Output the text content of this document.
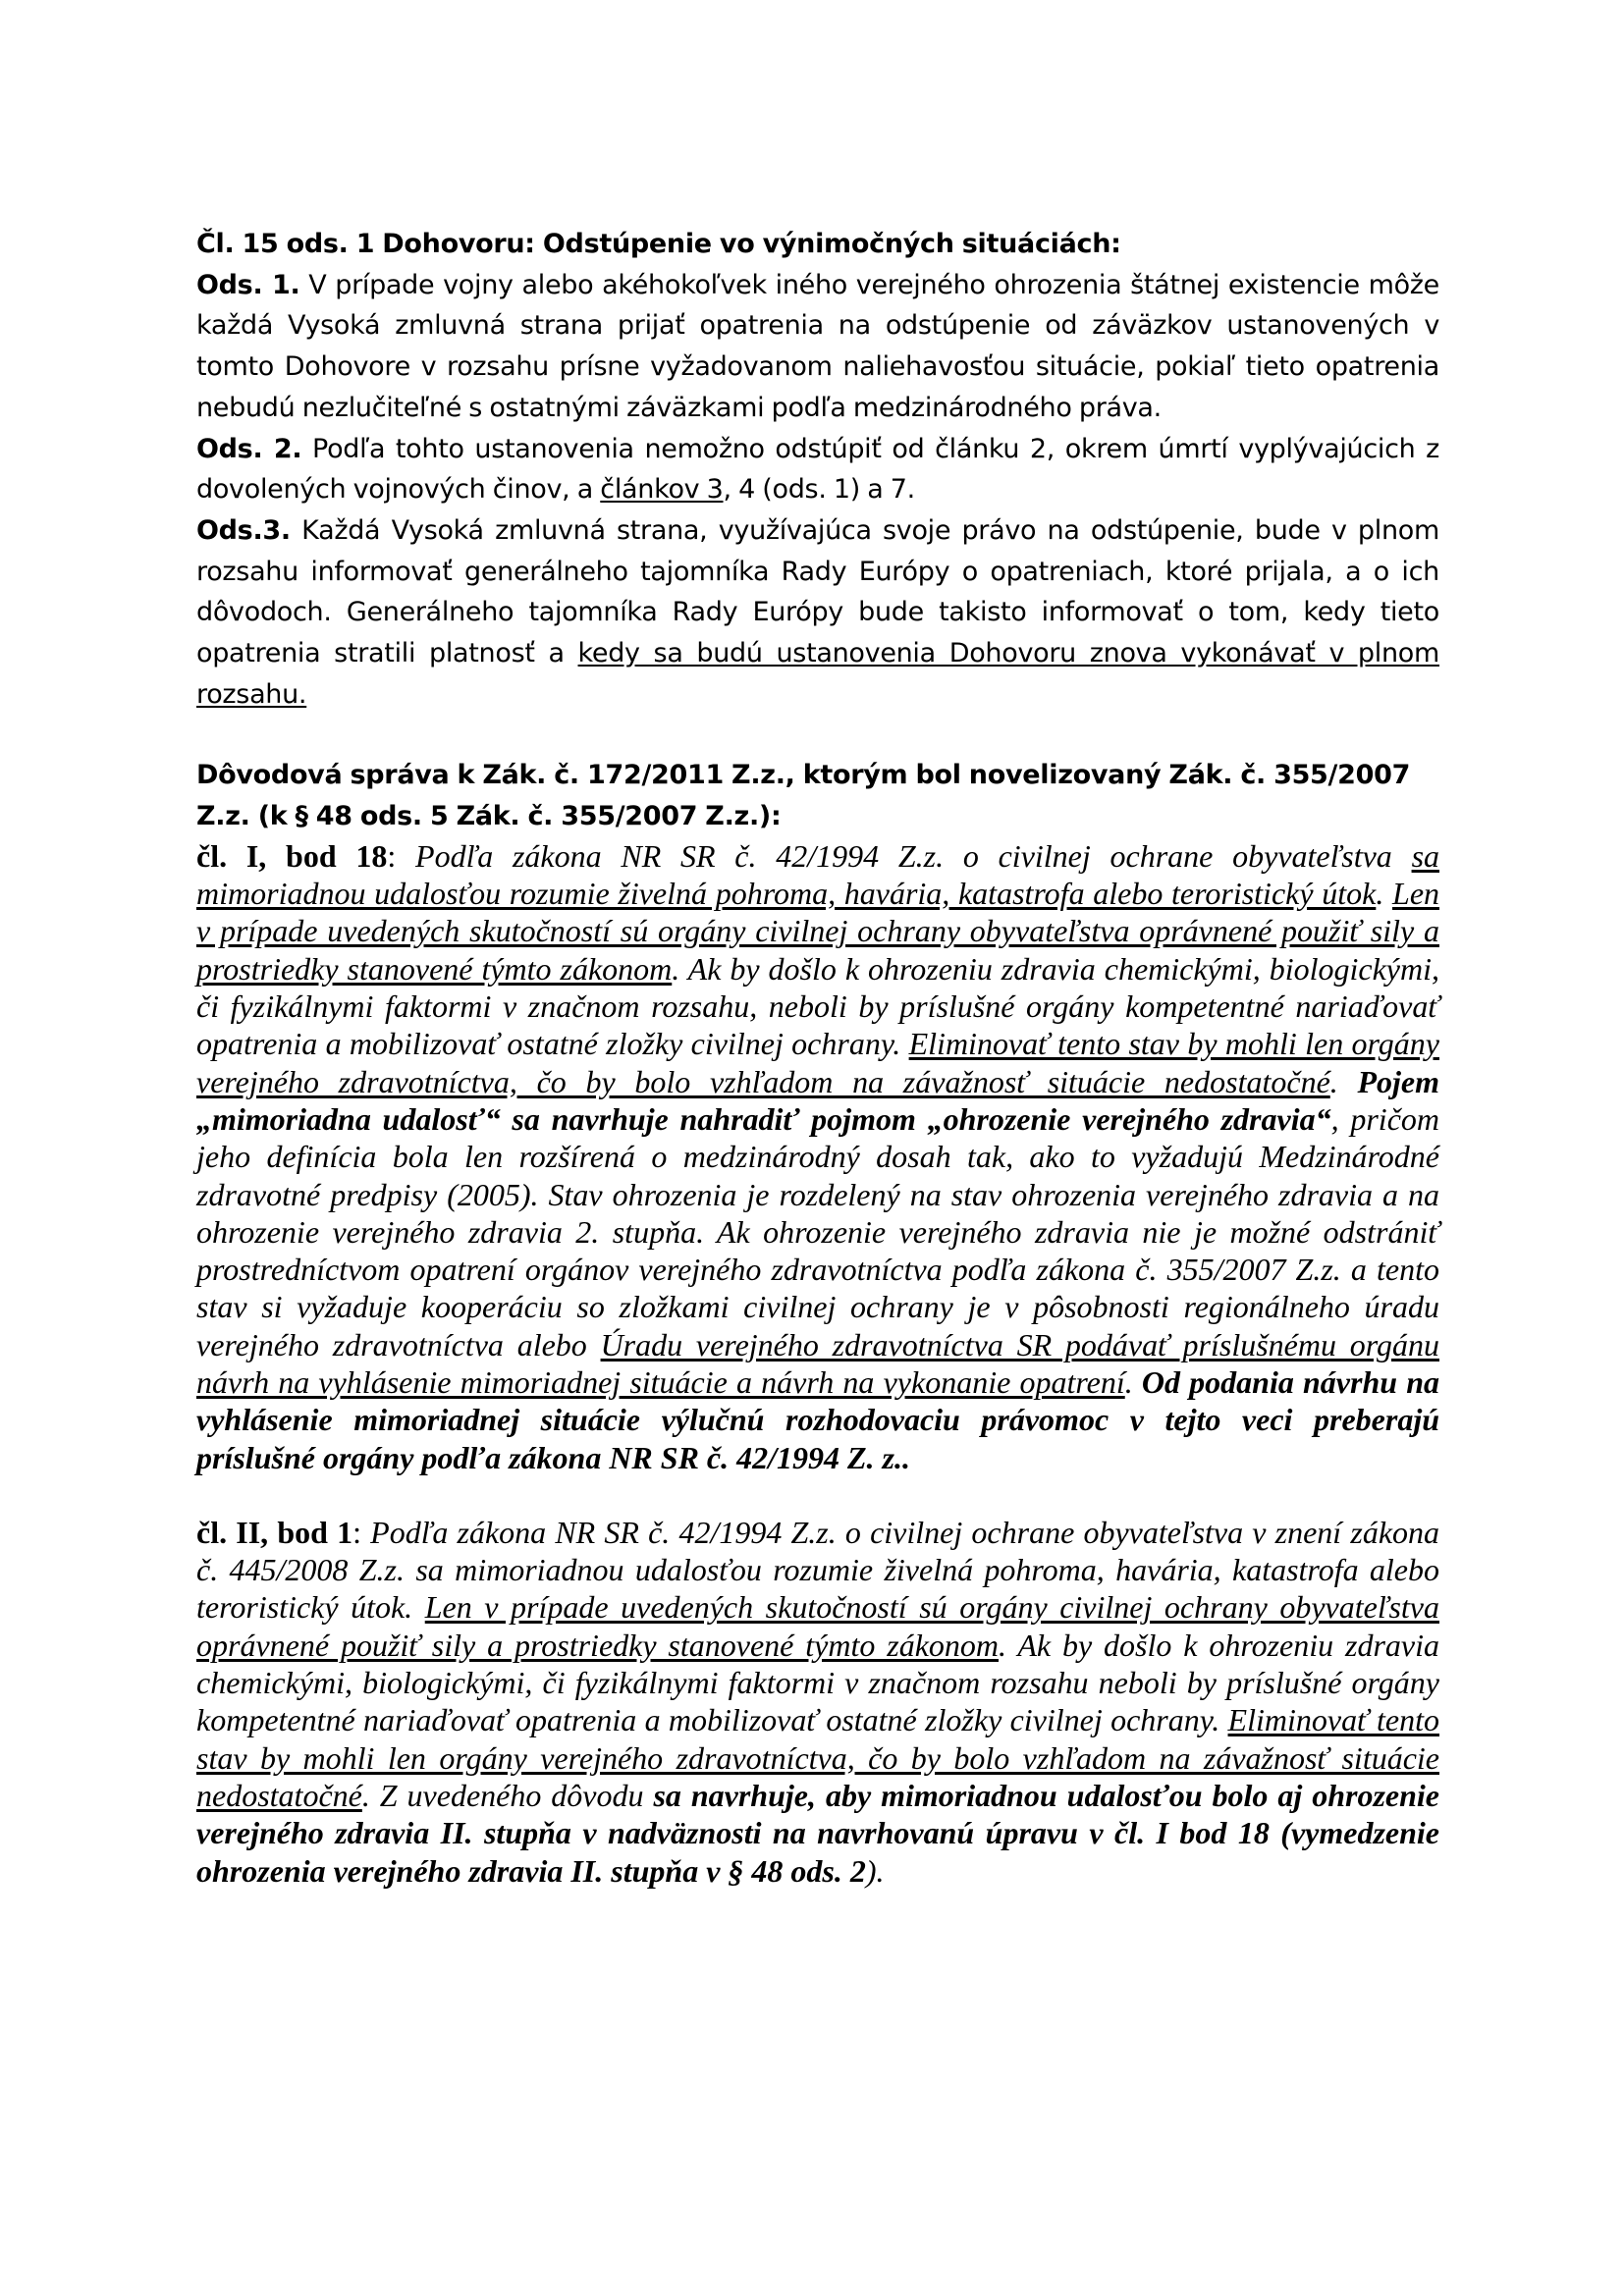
Čl. 15 ods. 1 Dohovoru: Odstúpenie vo výnimočných situáciách:

Ods. 1. V prípade vojny alebo akéhokoľvek iného verejného ohrozenia štátnej existencie môže každá Vysoká zmluvná strana prijať opatrenia na odstúpenie od záväzkov ustanovených v tomto Dohovore v rozsahu prísne vyžadovanom naliehavosťou situácie, pokiaľ tieto opatrenia nebudú nezlučiteľné s ostatnými záväzkami podľa medzinárodného práva.

Ods. 2. Podľa tohto ustanovenia nemožno odstúpiť od článku 2, okrem úmrtí vyplývajúcich z dovolených vojnových činov, a článkov 3, 4 (ods. 1) a 7.

Ods.3. Každá Vysoká zmluvná strana, využívajúca svoje právo na odstúpenie, bude v plnom rozsahu informovať generálneho tajomníka Rady Európy o opatreniach, ktoré prijala, a o ich dôvodoch. Generálneho tajomníka Rady Európy bude takisto informovať o tom, kedy tieto opatrenia stratili platnosť a kedy sa budú ustanovenia Dohovoru znova vykonávať v plnom rozsahu.

Dôvodová správa k Zák. č. 172/2011 Z.z., ktorým bol novelizovaný Zák. č. 355/2007 Z.z. (k § 48 ods. 5 Zák. č. 355/2007 Z.z.):

čl. I, bod 18: Podľa zákona NR SR č. 42/1994 Z.z. o civilnej ochrane obyvateľstva sa mimoriadnou udalosťou rozumie živelná pohroma, havária, katastrofa alebo teroristický útok. Len v prípade uvedených skutočností sú orgány civilnej ochrany obyvateľstva oprávnené použiť sily a prostriedky stanovené týmto zákonom. Ak by došlo k ohrozeniu zdravia chemickými, biologickými, či fyzikálnymi faktormi v značnom rozsahu, neboli by príslušné orgány kompetentné nariaďovať opatrenia a mobilizovať ostatné zložky civilnej ochrany. Eliminovať tento stav by mohli len orgány verejného zdravotníctva, čo by bolo vzhľadom na závažnosť situácie nedostatočné. Pojem „mimoriadna udalosť“ sa navrhuje nahradiť pojmom „ohrozenie verejného zdravia“, pričom jeho definícia bola len rozšírená o medzinárodný dosah tak, ako to vyžadujú Medzinárodné zdravotné predpisy (2005). Stav ohrozenia je rozdelený na stav ohrozenia verejného zdravia a na ohrozenie verejného zdravia 2. stupňa. Ak ohrozenie verejného zdravia nie je možné odstrániť prostredníctvom opatrení orgánov verejného zdravotníctva podľa zákona č. 355/2007 Z.z. a tento stav si vyžaduje kooperáciu so zložkami civilnej ochrany je v pôsobnosti regionálneho úradu verejného zdravotníctva alebo Úradu verejného zdravotníctva SR podávať príslušnému orgánu návrh na vyhlásenie mimoriadnej situácie a návrh na vykonanie opatrení. Od podania návrhu na vyhlásenie mimoriadnej situácie výlučnú rozhodovaciu právomoc v tejto veci preberajú príslušné orgány podľa zákona NR SR č. 42/1994 Z. z..

čl. II, bod 1: Podľa zákona NR SR č. 42/1994 Z.z. o civilnej ochrane obyvateľstva v znení zákona č. 445/2008 Z.z. sa mimoriadnou udalosťou rozumie živelná pohroma, havária, katastrofa alebo teroristický útok. Len v prípade uvedených skutočností sú orgány civilnej ochrany obyvateľstva oprávnené použiť sily a prostriedky stanovené týmto zákonom. Ak by došlo k ohrozeniu zdravia chemickými, biologickými, či fyzikálnymi faktormi v značnom rozsahu neboli by príslušné orgány kompetentné nariaďovať opatrenia a mobilizovať ostatné zložky civilnej ochrany. Eliminovať tento stav by mohli len orgány verejného zdravotníctva, čo by bolo vzhľadom na závažnosť situácie nedostatočné. Z uvedeného dôvodu sa navrhuje, aby mimoriadnou udalosťou bolo aj ohrozenie verejného zdravia II. stupňa v nadväznosti na navrhovanú úpravu v čl. I bod 18 (vymedzenie ohrozenia verejného zdravia II. stupňa v § 48 ods. 2).
